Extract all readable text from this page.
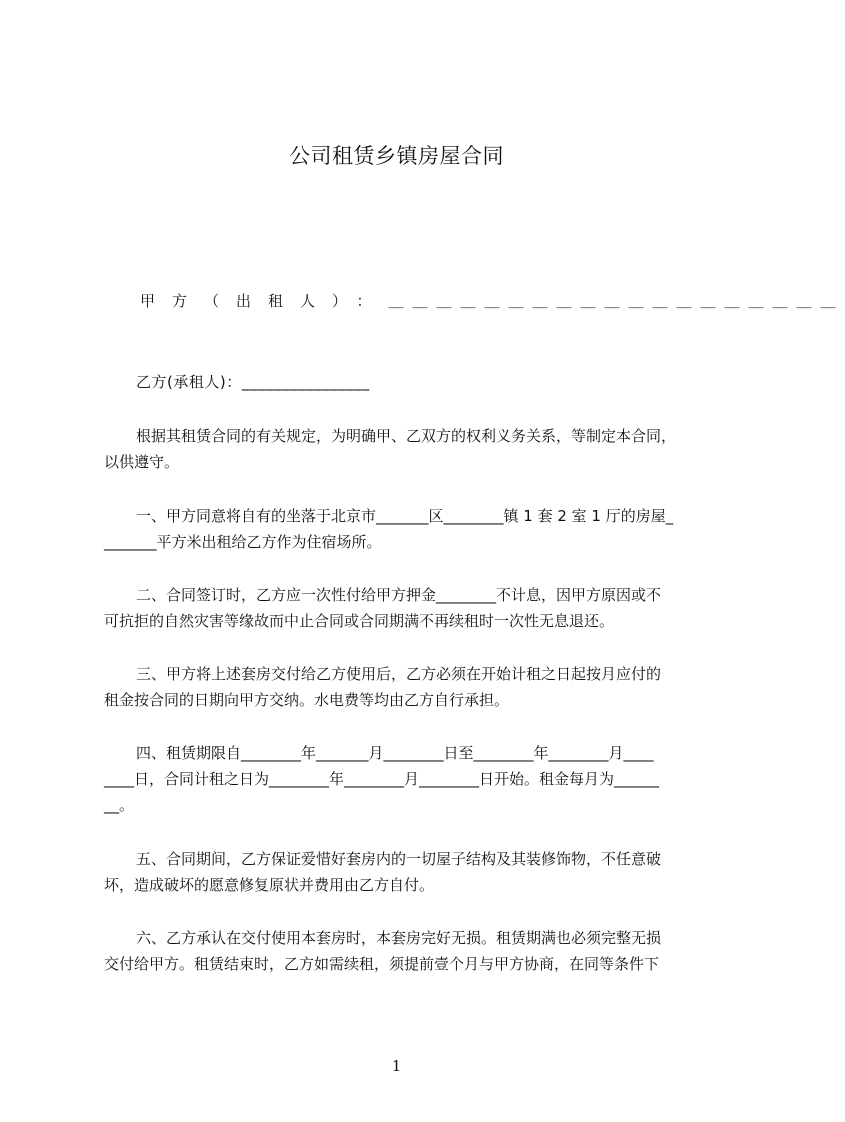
公司租赁乡镇房屋合同
甲方（出租人）：＿＿＿＿＿＿＿＿＿＿＿＿＿＿＿＿＿＿＿
乙方(承租人)：________________
根据其租赁合同的有关规定，为明确甲、乙双方的权利义务关系，等制定本合同，
以供遵守。
一、甲方同意将自有的坐落于北京市_______区________镇 1 套 2 室 1 厅的房屋_
_______平方米出租给乙方作为住宿场所。
二、合同签订时，乙方应一次性付给甲方押金________不计息，因甲方原因或不
可抗拒的自然灾害等缘故而中止合同或合同期满不再续租时一次性无息退还。
三、甲方将上述套房交付给乙方使用后，乙方必须在开始计租之日起按月应付的
租金按合同的日期向甲方交纳。水电费等均由乙方自行承担。
四、租赁期限自________年_______月________日至________年________月____
____日，合同计租之日为________年________月________日开始。租金每月为______
__。
五、合同期间，乙方保证爱惜好套房内的一切屋子结构及其装修饰物，不任意破
坏，造成破坏的愿意修复原状并费用由乙方自付。
六、乙方承认在交付使用本套房时，本套房完好无损。租赁期满也必须完整无损
交付给甲方。租赁结束时，乙方如需续租，须提前壹个月与甲方协商，在同等条件下
1
